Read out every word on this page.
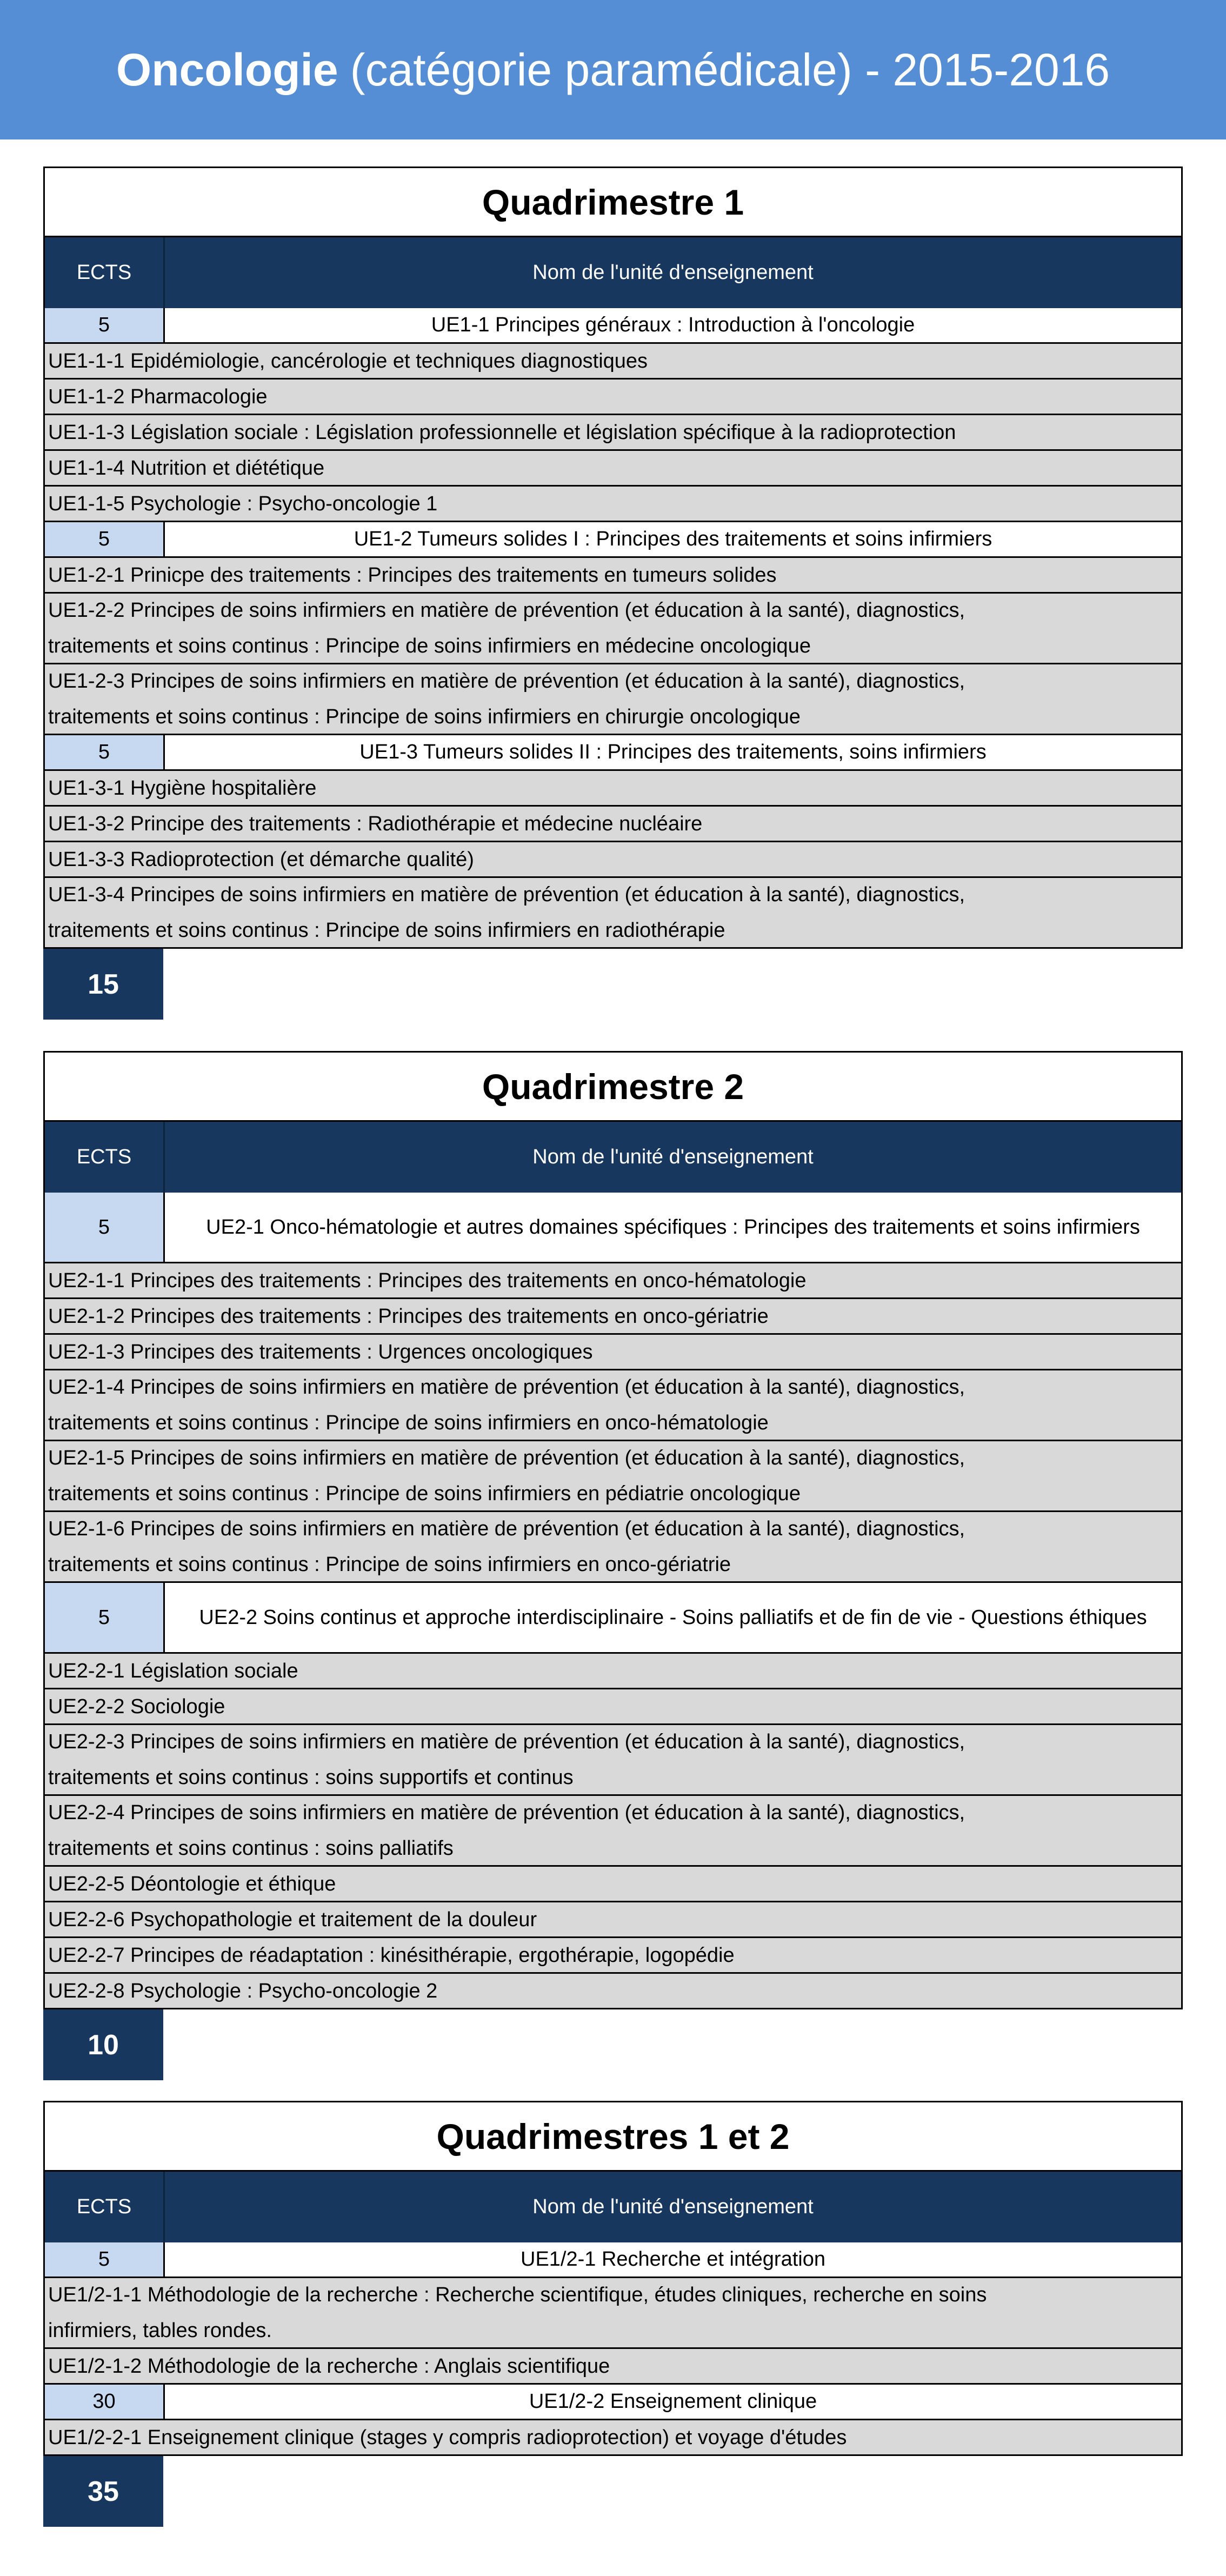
Oncologie (catégorie paramédicale) - 2015-2016
Quadrimestre 1
ECTS	Nom de l'unité d'enseignement
5	UE1-1 Principes généraux : Introduction à l'oncologie
UE1-1-1 Epidémiologie, cancérologie et techniques diagnostiques
UE1-1-2 Pharmacologie
UE1-1-3 Législation sociale : Législation professionnelle et législation spécifique à la radioprotection
UE1-1-4 Nutrition et diététique
UE1-1-5 Psychologie : Psycho-oncologie 1
5	UE1-2 Tumeurs solides I : Principes des traitements et soins infirmiers
UE1-2-1 Prinicpe des traitements : Principes des traitements en tumeurs solides
UE1-2-2 Principes de soins infirmiers en matière de prévention (et éducation à la santé), diagnostics, traitements et soins continus : Principe de soins infirmiers en médecine oncologique
UE1-2-3 Principes de soins infirmiers en matière de prévention (et éducation à la santé), diagnostics, traitements et soins continus : Principe de soins infirmiers en chirurgie oncologique
5	UE1-3 Tumeurs solides II : Principes des traitements, soins infirmiers
UE1-3-1 Hygiène hospitalière
UE1-3-2 Principe des traitements : Radiothérapie et médecine nucléaire
UE1-3-3 Radioprotection (et démarche qualité)
UE1-3-4 Principes de soins infirmiers en matière de prévention (et éducation à la santé), diagnostics, traitements et soins continus : Principe de soins infirmiers en radiothérapie
15
Quadrimestre 2
ECTS	Nom de l'unité d'enseignement
5	UE2-1 Onco-hématologie et autres domaines spécifiques : Principes des traitements et soins infirmiers
UE2-1-1 Principes des traitements : Principes des traitements en onco-hématologie
UE2-1-2 Principes des traitements : Principes des traitements en onco-gériatrie
UE2-1-3 Principes des traitements : Urgences oncologiques
UE2-1-4 Principes de soins infirmiers en matière de prévention (et éducation à la santé), diagnostics, traitements et soins continus : Principe de soins infirmiers en onco-hématologie
UE2-1-5 Principes de soins infirmiers en matière de prévention (et éducation à la santé), diagnostics, traitements et soins continus : Principe de soins infirmiers en pédiatrie oncologique
UE2-1-6 Principes de soins infirmiers en matière de prévention (et éducation à la santé), diagnostics, traitements et soins continus : Principe de soins infirmiers en onco-gériatrie
5	UE2-2 Soins continus et approche interdisciplinaire - Soins palliatifs et de fin de vie - Questions éthiques
UE2-2-1 Législation sociale
UE2-2-2 Sociologie
UE2-2-3 Principes de soins infirmiers en matière de prévention (et éducation à la santé), diagnostics, traitements et soins continus : soins supportifs et continus
UE2-2-4 Principes de soins infirmiers en matière de prévention (et éducation à la santé), diagnostics, traitements et soins continus : soins palliatifs
UE2-2-5 Déontologie et éthique
UE2-2-6 Psychopathologie et traitement de la douleur
UE2-2-7 Principes de réadaptation : kinésithérapie, ergothérapie, logopédie
UE2-2-8 Psychologie : Psycho-oncologie 2
10
Quadrimestres 1 et 2
ECTS	Nom de l'unité d'enseignement
5	UE1/2-1 Recherche et intégration
UE1/2-1-1 Méthodologie de la recherche : Recherche scientifique, études cliniques, recherche en soins infirmiers, tables rondes.
UE1/2-1-2 Méthodologie de la recherche : Anglais scientifique
30	UE1/2-2 Enseignement clinique
UE1/2-2-1 Enseignement clinique (stages y compris radioprotection) et voyage d'études
35
